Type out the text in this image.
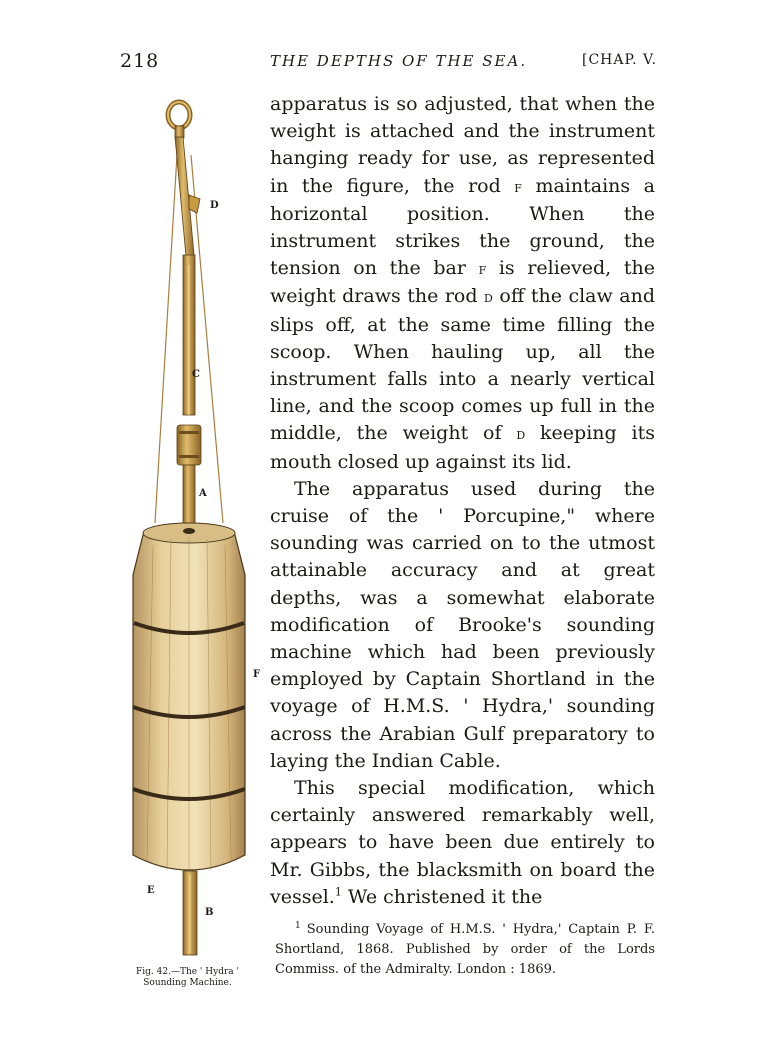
218	THE DEPTHS OF THE SEA.	[CHAP. V.
D
C
A
F
E
B
Fig. 42.—The ' Hydra '
Sounding Machine.

apparatus is so adjusted, that when the weight is attached and the instrument hanging ready for use, as represented in the figure, the rod f maintains a horizontal position. When the instrument strikes the ground, the tension on the bar f is relieved, the weight draws the rod d off the claw and slips off, at the same time filling the scoop. When hauling up, all the instrument falls into a nearly vertical line, and the scoop comes up full in the middle, the weight of d keeping its mouth closed up against its lid.

The apparatus used during the cruise of the ' Porcupine," where sounding was carried on to the utmost attainable accuracy and at great depths, was a somewhat elaborate modification of Brooke's sounding machine which had been previously employed by Captain Shortland in the voyage of H.M.S. ' Hydra,' sounding across the Arabian Gulf preparatory to laying the Indian Cable.

This special modification, which certainly answered remarkably well, appears to have been due entirely to Mr. Gibbs, the blacksmith on board the vessel.$^1$ We christened it the

$^1$ Sounding Voyage of H.M.S. ' Hydra,' Captain P. F. Shortland, 1868. Published by order of the Lords Commiss. of the Admiralty. London : 1869.
